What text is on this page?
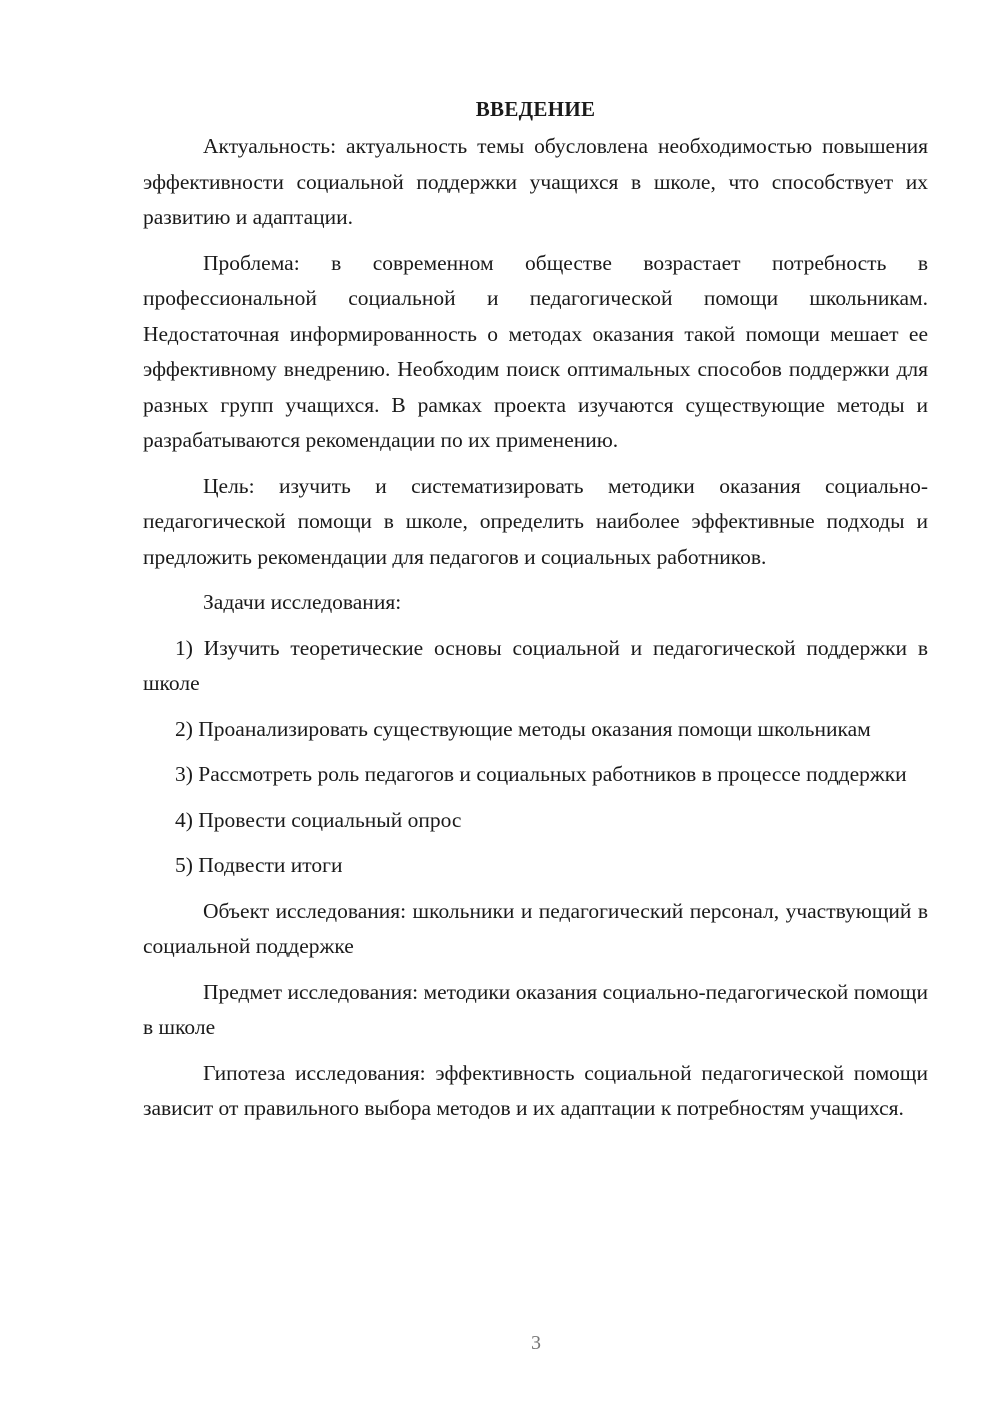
ВВЕДЕНИЕ

Актуальность: актуальность темы обусловлена необходимостью повышения эффективности социальной поддержки учащихся в школе, что способствует их развитию и адаптации.

Проблема: в современном обществе возрастает потребность в профессиональной социальной и педагогической помощи школьникам. Недостаточная информированность о методах оказания такой помощи мешает ее эффективному внедрению. Необходим поиск оптимальных способов поддержки для разных групп учащихся. В рамках проекта изучаются существующие методы и разрабатываются рекомендации по их применению.

Цель: изучить и систематизировать методики оказания социально-педагогической помощи в школе, определить наиболее эффективные подходы и предложить рекомендации для педагогов и социальных работников.

Задачи исследования:

1) Изучить теоретические основы социальной и педагогической поддержки в школе

2) Проанализировать существующие методы оказания помощи школьникам

3) Рассмотреть роль педагогов и социальных работников в процессе поддержки

4) Провести социальный опрос

5) Подвести итоги

Объект исследования: школьники и педагогический персонал, участвующий в социальной поддержке

Предмет исследования: методики оказания социально-педагогической помощи в школе

Гипотеза исследования: эффективность социальной педагогической помощи зависит от правильного выбора методов и их адаптации к потребностям учащихся.

3
